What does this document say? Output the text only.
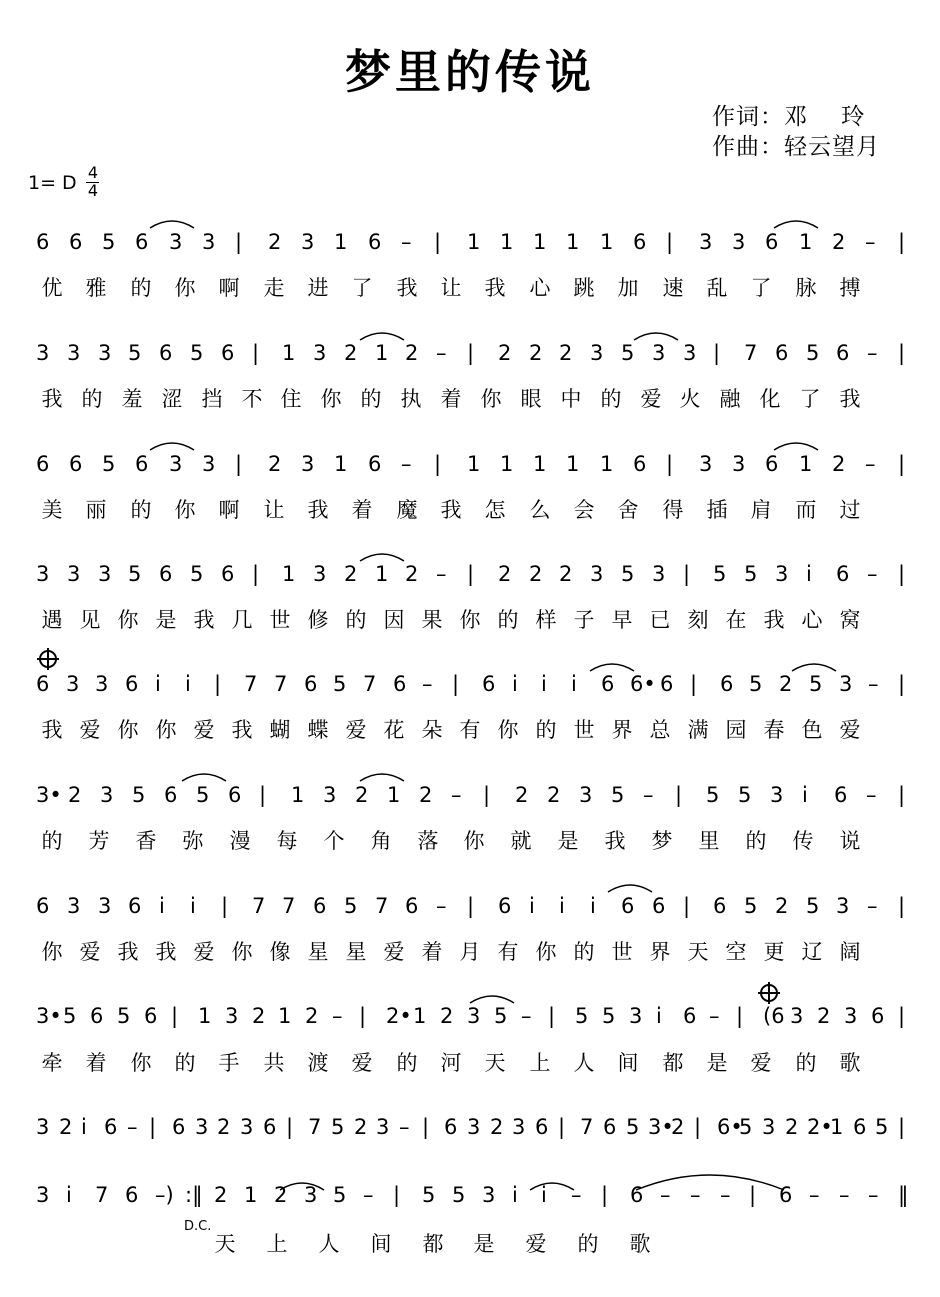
梦里的传说
作词：邓    玲
作曲：轻云望月
1= D 4
4
6 6 5 6 3 3 | 2 3 1 6 – | 1 1 1 1 1 6 | 3 3 6 1 2 – |
优 雅 的 你 啊 走 进 了 我 让 我 心 跳 加 速 乱 了 脉 搏
3 3 3 5 6 5 6 | 1 3 2 1 2 – | 2 2 2 3 5 3 3 | 7 6 5 6 – |
我 的 羞 涩 挡 不 住 你 的 执 着 你 眼 中 的 爱 火 融 化 了 我
6 6 5 6 3 3 | 2 3 1 6 – | 1 1 1 1 1 6 | 3 3 6 1 2 – |
美 丽 的 你 啊 让 我 着 魔 我 怎 么 会 舍 得 插 肩 而 过
3 3 3 5 6 5 6 | 1 3 2 1 2 – | 2 2 2 3 5 3 | 5 5 3 i 6 – |
遇 见 你 是 我 几 世 修 的 因 果 你 的 样 子 早 已 刻 在 我 心 窝
6 3 3 6 i i | 7 7 6 5 7 6 – | 6 i i i 6 6• 6 | 6 5 2 5 3 – |
我 爱 你 你 爱 我 蝴 蝶 爱 花 朵 有 你 的 世 界 总 满 园 春 色 爱
3• 2 3 5 6 5 6 | 1 3 2 1 2 – | 2 2 3 5 – | 5 5 3 i 6 – |
的 芳 香 弥 漫 每 个 角 落 你 就 是 我 梦 里 的 传 说
6 3 3 6 i i | 7 7 6 5 7 6 – | 6 i i i 6 6 | 6 5 2 5 3 – |
你 爱 我 我 爱 你 像 星 星 爱 着 月 有 你 的 世 界 天 空 更 辽 阔
3• 5 6 5 6 | 1 3 2 1 2 – | 2• 1 2 3 5 – | 5 5 3 i 6 – | (6 3 2 3 6 |
牵 着 你 的 手 共 渡 爱 的 河 天 上 人 间 都 是 爱 的 歌
3 2 i 6 – | 6 3 2 3 6 | 7 5 2 3 – | 6 3 2 3 6 | 7 6 5 3•
2 | 6•
5 3 2 2•
1 6 5 |
3 i 7 6 –) :‖ 2 1 2 3 5 – | 5 5 3 i i – | 6 – – – | 6 – – – ‖
天 上 人 间 都 是 爱 的 歌
D.C.
